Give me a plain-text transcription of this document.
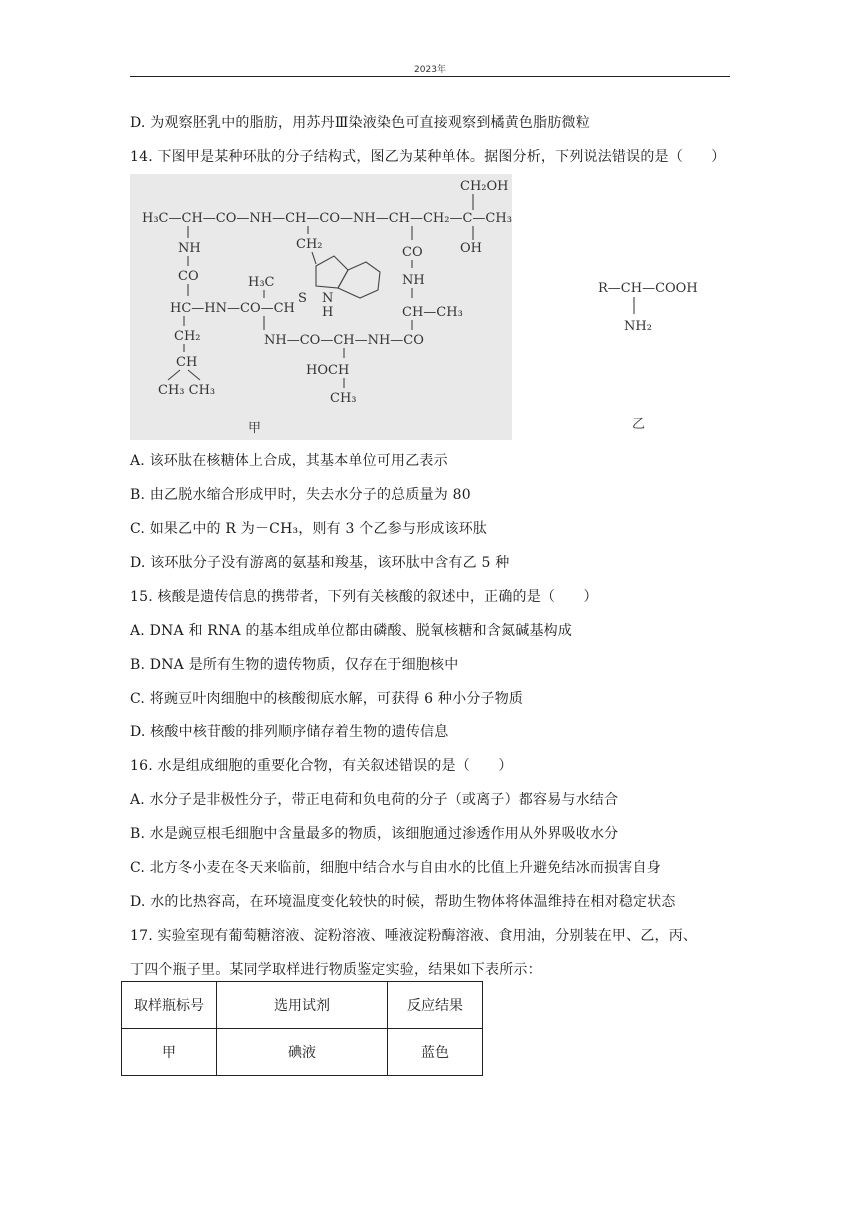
2023年
D. 为观察胚乳中的脂肪，用苏丹Ⅲ染液染色可直接观察到橘黄色脂肪微粒
14. 下图甲是某种环肽的分子结构式，图乙为某种单体。据图分析，下列说法错误的是（　　）
H₃C—CH—CO—NH—CH—CO—NH—CH—CH₂—C—CH₃
CH₂OH
OH
NH
CO
HC—HN—CO—CH
CH₂
CH
CH₃ CH₃
H₃C
NH—CO—CH—NH—CO
HOCH
CH₃
CH₂
S N
H
CO
NH
CH—CH₃
甲
R—CH—COOH
NH₂
乙
A. 该环肽在核糖体上合成，其基本单位可用乙表示
B. 由乙脱水缩合形成甲时，失去水分子的总质量为 80
C. 如果乙中的 R 为－CH₃，则有 3 个乙参与形成该环肽
D. 该环肽分子没有游离的氨基和羧基，该环肽中含有乙 5 种
15. 核酸是遗传信息的携带者，下列有关核酸的叙述中，正确的是（　　）
A. DNA 和 RNA 的基本组成单位都由磷酸、脱氧核糖和含氮碱基构成
B. DNA 是所有生物的遗传物质，仅存在于细胞核中
C. 将豌豆叶肉细胞中的核酸彻底水解，可获得 6 种小分子物质
D. 核酸中核苷酸的排列顺序储存着生物的遗传信息
16. 水是组成细胞的重要化合物，有关叙述错误的是（　　）
A. 水分子是非极性分子，带正电荷和负电荷的分子（或离子）都容易与水结合
B. 水是豌豆根毛细胞中含量最多的物质，该细胞通过渗透作用从外界吸收水分
C. 北方冬小麦在冬天来临前，细胞中结合水与自由水的比值上升避免结冰而损害自身
D. 水的比热容高，在环境温度变化较快的时候，帮助生物体将体温维持在相对稳定状态
17. 实验室现有葡萄糖溶液、淀粉溶液、唾液淀粉酶溶液、食用油，分别装在甲、乙，丙、
丁四个瓶子里。某同学取样进行物质鉴定实验，结果如下表所示：
取样瓶标号	选用试剂	反应结果
甲	碘液	蓝色
